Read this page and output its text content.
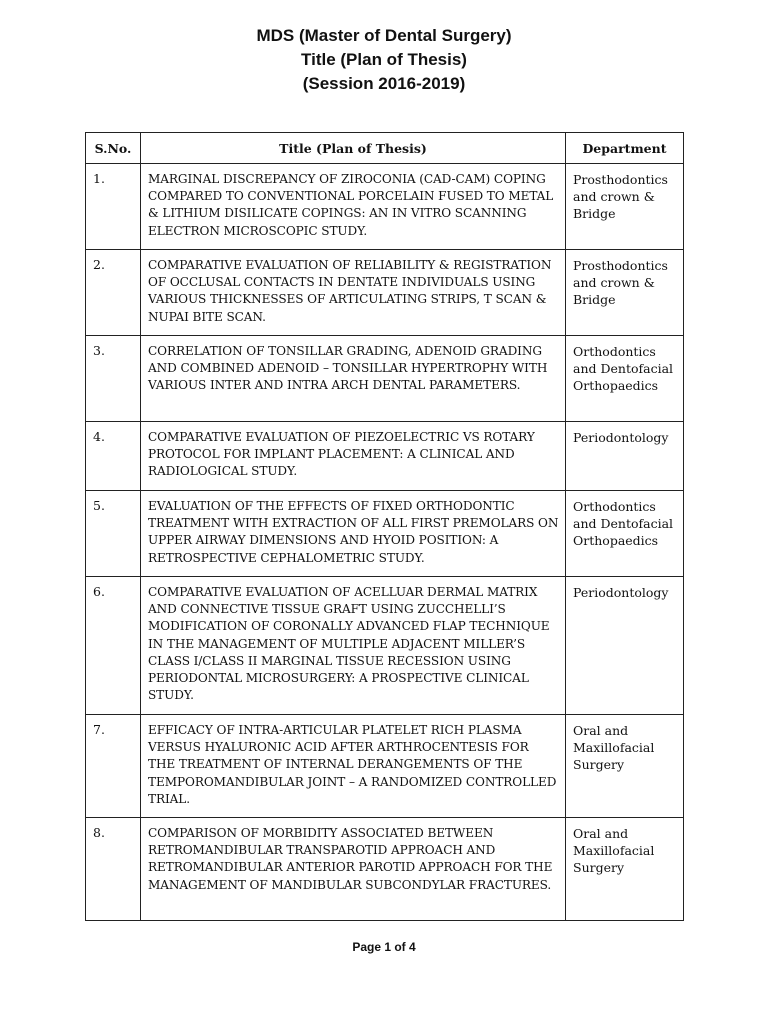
MDS (Master of Dental Surgery)
Title (Plan of Thesis)
(Session 2016-2019)
S.No.	Title (Plan of Thesis)	Department
1.	MARGINAL DISCREPANCY OF ZIROCONIA (CAD-CAM) COPING COMPARED TO CONVENTIONAL PORCELAIN FUSED TO METAL & LITHIUM DISILICATE COPINGS: AN IN VITRO SCANNING ELECTRON MICROSCOPIC STUDY.	Prosthodontics and crown & Bridge
2.	COMPARATIVE EVALUATION OF RELIABILITY & REGISTRATION OF OCCLUSAL CONTACTS IN DENTATE INDIVIDUALS USING VARIOUS THICKNESSES OF ARTICULATING STRIPS, T SCAN & NUPAI BITE SCAN.	Prosthodontics and crown & Bridge
3.	CORRELATION OF TONSILLAR GRADING, ADENOID GRADING AND COMBINED ADENOID – TONSILLAR HYPERTROPHY WITH VARIOUS INTER AND INTRA ARCH DENTAL PARAMETERS.	Orthodontics and Dentofacial Orthopaedics
4.	COMPARATIVE EVALUATION OF PIEZOELECTRIC VS ROTARY PROTOCOL FOR IMPLANT PLACEMENT: A CLINICAL AND RADIOLOGICAL STUDY.	Periodontology
5.	EVALUATION OF THE EFFECTS OF FIXED ORTHODONTIC TREATMENT WITH EXTRACTION OF ALL FIRST PREMOLARS ON UPPER AIRWAY DIMENSIONS AND HYOID POSITION: A RETROSPECTIVE CEPHALOMETRIC STUDY.	Orthodontics and Dentofacial Orthopaedics
6.	COMPARATIVE EVALUATION OF ACELLUAR DERMAL MATRIX AND CONNECTIVE TISSUE GRAFT USING ZUCCHELLI’S MODIFICATION OF CORONALLY ADVANCED FLAP TECHNIQUE IN THE MANAGEMENT OF MULTIPLE ADJACENT MILLER’S CLASS I/CLASS II MARGINAL TISSUE RECESSION USING PERIODONTAL MICROSURGERY: A PROSPECTIVE CLINICAL STUDY.	Periodontology
7.	EFFICACY OF INTRA-ARTICULAR PLATELET RICH PLASMA VERSUS HYALURONIC ACID AFTER ARTHROCENTESIS FOR THE TREATMENT OF INTERNAL DERANGEMENTS OF THE TEMPOROMANDIBULAR JOINT – A RANDOMIZED CONTROLLED TRIAL.	Oral and Maxillofacial Surgery
8.	COMPARISON OF MORBIDITY ASSOCIATED BETWEEN RETROMANDIBULAR TRANSPAROTID APPROACH AND RETROMANDIBULAR ANTERIOR PAROTID APPROACH FOR THE MANAGEMENT OF MANDIBULAR SUBCONDYLAR FRACTURES.	Oral and Maxillofacial Surgery
Page 1 of 4
